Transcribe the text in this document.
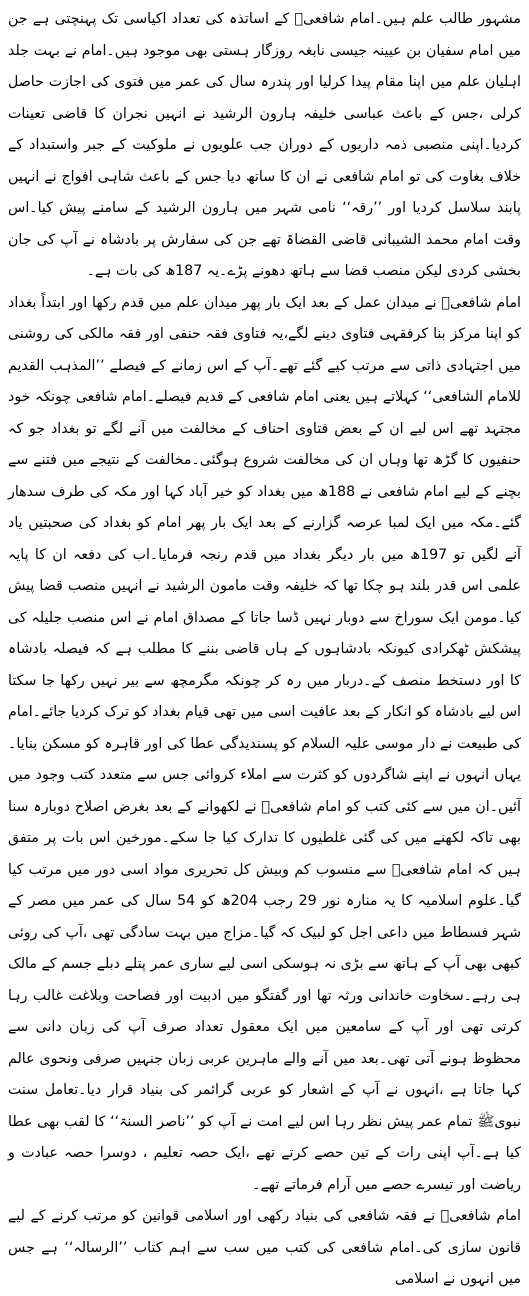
مشہور طالب علم ہیں۔امام شافعیؒ کے اساتذہ کی تعداد اکیاسی تک پہنچتی ہے جن میں امام سفیان بن عیینہ جیسی نابغہ روزگار ہستی بھی موجود ہیں۔امام نے بہت جلد اہلیان علم میں اپنا مقام پیدا کرلیا اور پندرہ سال کی عمر میں فتوی کی اجازت حاصل کرلی ،جس کے باعث عباسی خلیفہ ہارون الرشید نے انہیں نجران کا قاضی تعینات کردیا۔اپنی منصبی ذمہ داریوں کے دوران جب علویوں نے ملوکیت کے جبر واستبداد کے خلاف بغاوت کی تو امام شافعی نے ان کا ساتھ دیا جس کے باعث شاہی افواج نے انہیں پابند سلاسل کردیا اور ’’رقہ‘‘ نامی شہر میں ہارون الرشید کے سامنے پیش کیا۔اس وقت امام محمد الشیبانی قاضی القضاۃ تھے جن کی سفارش پر بادشاہ نے آپ کی جان بخشی کردی لیکن منصب قضا سے ہاتھ دھونے پڑے۔یہ 187ھ کی بات ہے۔

امام شافعیؒ نے میدان عمل کے بعد ایک بار پھر میدان علم میں قدم رکھا اور ابتداً بغداد کو اپنا مرکز بنا کرفقہی فتاوی دینے لگے،یہ فتاوی فقہ حنفی اور فقہ مالکی کی روشنی میں اجتہادی ذاتی سے مرتب کیے گئے تھے۔آپ کے اس زمانے کے فیصلے ’’المذہب القدیم للامام الشافعی‘‘ کہلاتے ہیں یعنی امام شافعی کے قدیم فیصلے۔امام شافعی چونکہ خود مجتہد تھے اس لیے ان کے بعض فتاوی احناف کے مخالفت میں آنے لگے تو بغداد جو کہ حنفیوں کا گڑھ تھا وہاں ان کی مخالفت شروع ہوگئی۔مخالفت کے نتیجے میں فتنے سے بچنے کے لیے امام شافعی نے 188ھ میں بغداد کو خیر آباد کہا اور مکہ کی طرف سدھار گئے۔مکہ میں ایک لمبا عرصہ گزارنے کے بعد ایک بار پھر امام کو بغداد کی صحبتیں یاد آنے لگیں تو 197ھ میں بار دیگر بغداد میں قدم رنجہ فرمایا۔اب کی دفعہ ان کا پایہ علمی اس قدر بلند ہو چکا تھا کہ خلیفہ وقت مامون الرشید نے انہیں منصب قضا پیش کیا۔مومن ایک سوراخ سے دوبار نہیں ڈسا جاتا کے مصداق امام نے اس منصب جلیلہ کی پیشکش ٹھکرادی کیونکہ بادشاہوں کے ہاں قاضی بننے کا مطلب ہے کہ فیصلہ بادشاہ کا اور دستخط منصف کے۔دربار میں رہ کر چونکہ مگرمچھ سے بیر نہیں رکھا جا سکتا اس لیے بادشاہ کو انکار کے بعد عافیت اسی میں تھی قیام بغداد کو ترک کردیا جائے۔امام کی طبیعت نے دار موسی علیہ السلام کو پسندیدگی عطا کی اور قاہرہ کو مسکن بنایا۔یہاں انہوں نے اپنے شاگردوں کو کثرت سے املاء کروائی جس سے متعدد کتب وجود میں آئیں۔ان میں سے کئی کتب کو امام شافعیؒ نے لکھوانے کے بعد بغرض اصلاح دوبارہ سنا بھی تاکہ لکھنے میں کی گئی غلطیوں کا تدارک کیا جا سکے۔مورخین اس بات پر متفق ہیں کہ امام شافعیؒ سے منسوب کم وبیش کل تحریری مواد اسی دور میں مرتب کیا گیا۔علوم اسلامیہ کا یہ منارہ نور 29 رجب 204ھ کو 54 سال کی عمر میں مصر کے شہر فسطاط میں داعی اجل کو لبیک کہ گیا۔مزاج میں بہت سادگی تھی ،آپ کی روئی کبھی بھی آپ کے ہاتھ سے بڑی نہ ہوسکی اسی لیے ساری عمر پتلے دبلے جسم کے مالک ہی رہے۔سخاوت خاندانی ورثہ تھا اور گفتگو میں ادبیت اور فصاحت وبلاغت غالب رہا کرتی تھی اور آپ کے سامعین میں ایک معقول تعداد صرف آپ کی زبان دانی سے محظوظ ہونے آتی تھی۔بعد میں آنے والے ماہرین عربی زبان جنہیں صرفی ونحوی عالم کہا جاتا ہے ،انہوں نے آپ کے اشعار کو عربی گرائمر کی بنیاد قرار دیا۔تعامل سنت نبویﷺ تمام عمر پیش نظر رہا اس لیے امت نے آپ کو ’’ناصر السنۃ‘‘ کا لقب بھی عطا کیا ہے۔آپ اپنی رات کے تین حصے کرتے تھے ،ایک حصہ تعلیم ، دوسرا حصہ عبادت و ریاضت اور تیسرے حصے میں آرام فرماتے تھے۔

امام شافعیؒ نے فقہ شافعی کی بنیاد رکھی اور اسلامی قوانین کو مرتب کرنے کے لیے قانون سازی کی۔امام شافعی کی کتب میں سب سے اہم کتاب ’’الرسالہ‘‘ ہے جس میں انہوں نے اسلامی
